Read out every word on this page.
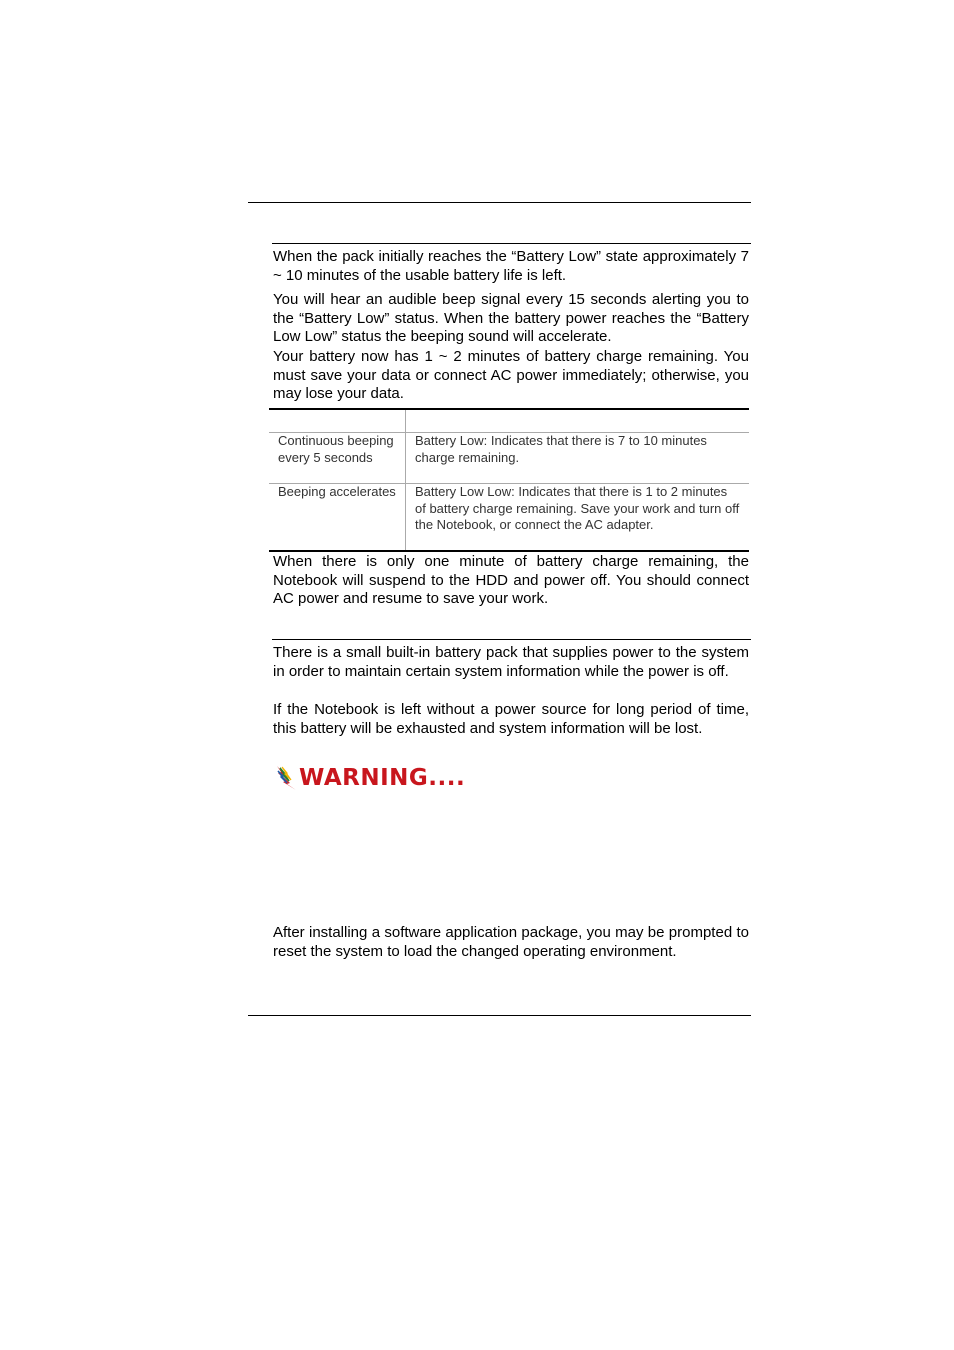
When the pack initially reaches the “Battery Low” state approximately 7 ~ 10 minutes of the usable battery life is left.

You will hear an audible beep signal every 15 seconds alerting you to the “Battery Low” status. When the battery power reaches the “Battery Low Low” status the beeping sound will accelerate.

Your battery now has 1 ~ 2 minutes of battery charge remaining. You must save your data or connect AC power immediately; otherwise, you may lose your data.

Continuous beeping every 5 seconds	Battery Low: Indicates that there is 7 to 10 minutes charge remaining.
Beeping accelerates	Battery Low Low: Indicates that there is 1 to 2 minutes of battery charge remaining. Save your work and turn off the Notebook, or connect the AC adapter.

When there is only one minute of battery charge remaining, the Notebook will suspend to the HDD and power off. You should connect AC power and resume to save your work.

There is a small built-in battery pack that supplies power to the system in order to maintain certain system information while the power is off.

If the Notebook is left without a power source for long period of time, this battery will be exhausted and system information will be lost.

WARNING....

After installing a software application package, you may be prompted to reset the system to load the changed operating environment.
